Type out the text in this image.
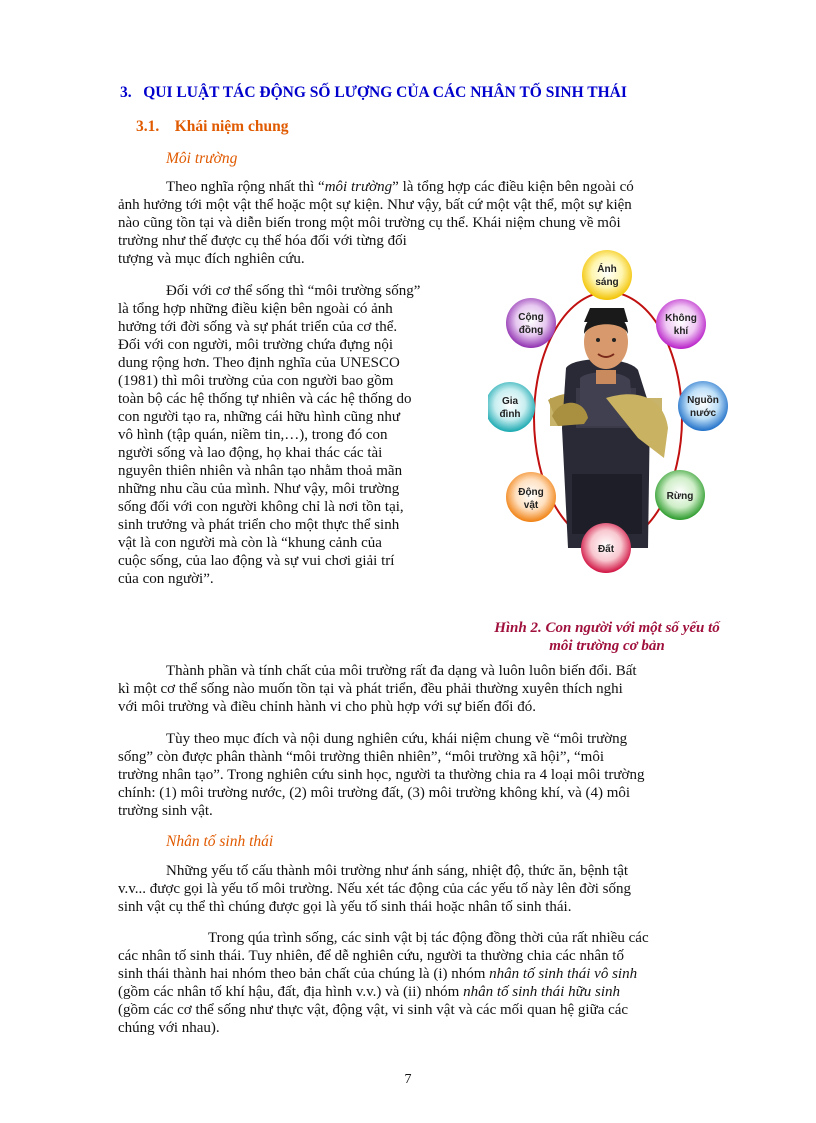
3. QUI LUẬT TÁC ĐỘNG SỐ LƯỢNG CỦA CÁC NHÂN TỐ SINH THÁI
3.1. Khái niệm chung
Môi trường
Theo nghĩa rộng nhất thì “môi trường” là tổng hợp các điều kiện bên ngoài có
ảnh hưởng tới một vật thể hoặc một sự kiện. Như vậy, bất cứ một vật thể, một sự kiện
nào cũng tồn tại và diễn biến trong một môi trường cụ thể. Khái niệm chung về môi
trường như thế được cụ thể hóa đối với từng đối
tượng và mục đích nghiên cứu.
Đối với cơ thể sống thì “môi trường sống”
là tổng hợp những điều kiện bên ngoài có ảnh
hưởng tới đời sống và sự phát triển của cơ thể.
Đối với con người, môi trường chứa đựng nội
dung rộng hơn. Theo định nghĩa của UNESCO
(1981) thì môi trường của con người bao gồm
toàn bộ các hệ thống tự nhiên và các hệ thống do
con người tạo ra, những cái hữu hình cũng như
vô hình (tập quán, niềm tin,…), trong đó con
người sống và lao động, họ khai thác các tài
nguyên thiên nhiên và nhân tạo nhằm thoả mãn
những nhu cầu của mình. Như vậy, môi trường
sống đối với con người không chỉ là nơi tồn tại,
sinh trưởng và phát triển cho một thực thể sinh
vật là con người mà còn là “khung cảnh của
cuộc sống, của lao động và sự vui chơi giải trí
của con người”.
Ánh
sáng
Không
khí
Nguồn
nước
Rừng
Đất
Động
vật
Gia
đình
Cộng
đồng
Hình 2. Con người với một số yếu tố
môi trường cơ bản
Thành phần và tính chất của môi trường rất đa dạng và luôn luôn biến đổi. Bất
kì một cơ thể sống nào muốn tồn tại và phát triển, đều phải thường xuyên thích nghi
với môi trường và điều chỉnh hành vi cho phù hợp với sự biến đổi đó.
Tùy theo mục đích và nội dung nghiên cứu, khái niệm chung về “môi trường
sống” còn được phân thành “môi trường thiên nhiên”, “môi trường xã hội”, “môi
trường nhân tạo”. Trong nghiên cứu sinh học, người ta thường chia ra 4 loại môi trường
chính: (1) môi trường nước, (2) môi trường đất, (3) môi trường không khí, và (4) môi
trường sinh vật.
Nhân tố sinh thái
Những yếu tố cấu thành môi trường như ánh sáng, nhiệt độ, thức ăn, bệnh tật
v.v... được gọi là yếu tố môi trường. Nếu xét tác động của các yếu tố này lên đời sống
sinh vật cụ thể thì chúng được gọi là yếu tố sinh thái hoặc nhân tố sinh thái.
Trong qúa trình sống, các sinh vật bị tác động đồng thời của rất nhiều các
các nhân tố sinh thái. Tuy nhiên, để dễ nghiên cứu, người ta thường chia các nhân tố
sinh thái thành hai nhóm theo bản chất của chúng là (i) nhóm nhân tố sinh thái vô sinh
(gồm các nhân tố khí hậu, đất, địa hình v.v.) và (ii) nhóm nhân tố sinh thái hữu sinh
(gồm các cơ thể sống như thực vật, động vật, vi sinh vật và các mối quan hệ giữa các
chúng với nhau).
7
